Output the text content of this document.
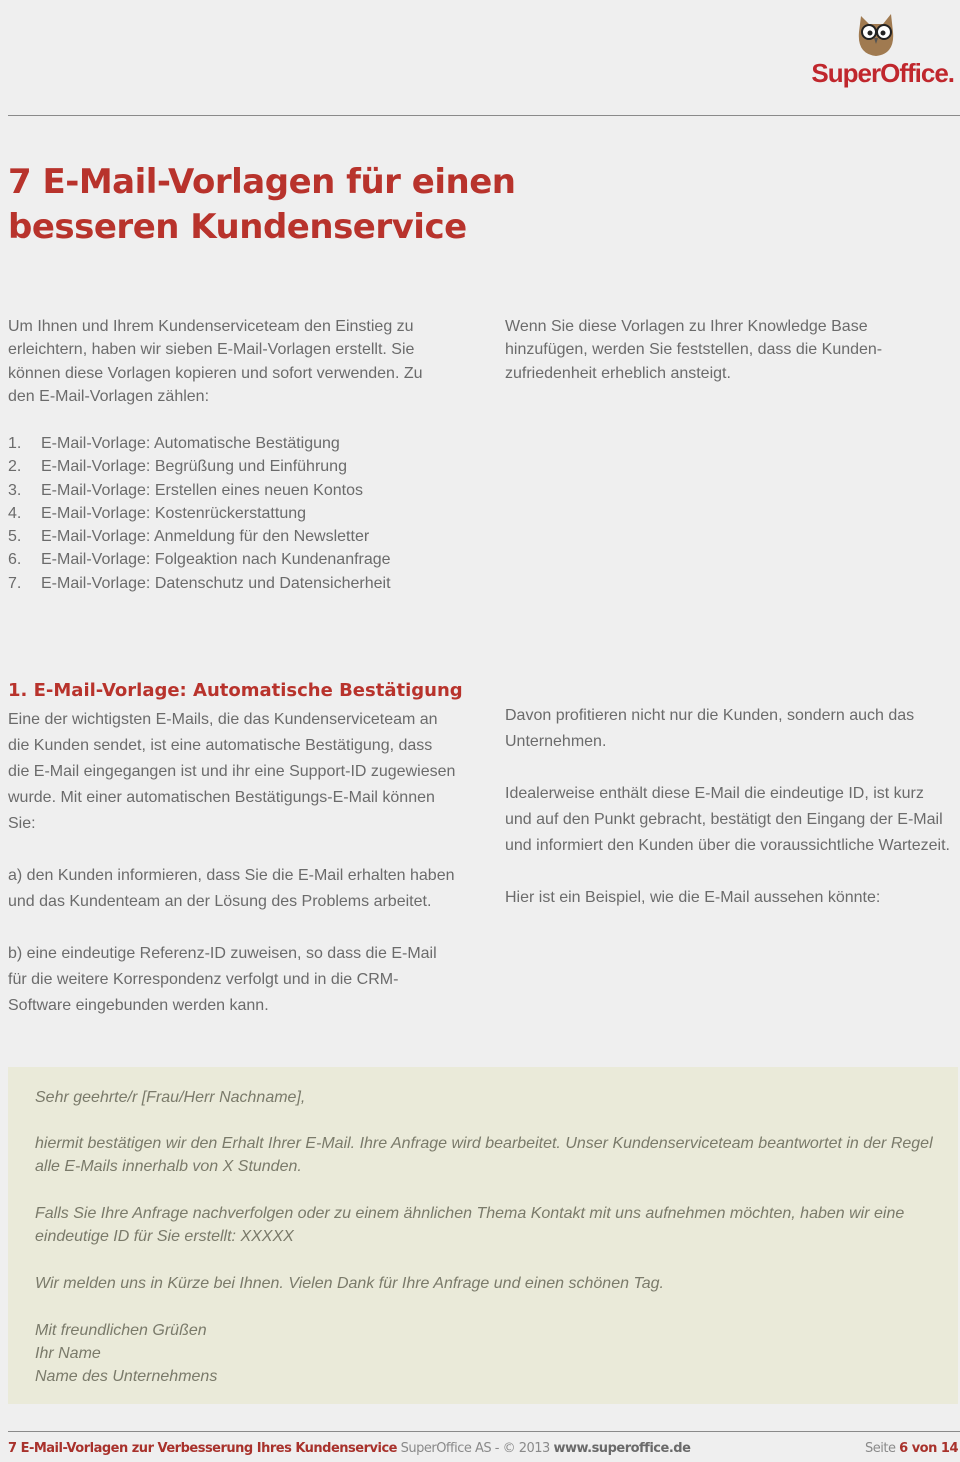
SuperOffice.
7 E-Mail-Vorlagen für einen
besseren Kundenservice
Um Ihnen und Ihrem Kundenserviceteam den Einstieg zu erleichtern, haben wir sieben E-Mail-Vorlagen erstellt. Sie können diese Vorlagen kopieren und sofort verwenden. Zu den E-Mail-Vorlagen zählen:
Wenn Sie diese Vorlagen zu Ihrer Knowledge Base hinzufügen, werden Sie feststellen, dass die Kunden-zufriedenheit erheblich ansteigt.
1. E-Mail-Vorlage: Automatische Bestätigung
2. E-Mail-Vorlage: Begrüßung und Einführung
3. E-Mail-Vorlage: Erstellen eines neuen Kontos
4. E-Mail-Vorlage: Kostenrückerstattung
5. E-Mail-Vorlage: Anmeldung für den Newsletter
6. E-Mail-Vorlage: Folgeaktion nach Kundenanfrage
7. E-Mail-Vorlage: Datenschutz und Datensicherheit
1. E-Mail-Vorlage: Automatische Bestätigung

Eine der wichtigsten E-Mails, die das Kundenserviceteam an die Kunden sendet, ist eine automatische Bestätigung, dass die E-Mail eingegangen ist und ihr eine Support-ID zugewiesen wurde. Mit einer automatischen Bestätigungs-E-Mail können Sie:

a) den Kunden informieren, dass Sie die E-Mail erhalten haben und das Kundenteam an der Lösung des Problems arbeitet.

b) eine eindeutige Referenz-ID zuweisen, so dass die E-Mail für die weitere Korrespondenz verfolgt und in die CRM-Software eingebunden werden kann.

Davon profitieren nicht nur die Kunden, sondern auch das Unternehmen.

Idealerweise enthält diese E-Mail die eindeutige ID, ist kurz und auf den Punkt gebracht, bestätigt den Eingang der E-Mail und informiert den Kunden über die voraussichtliche Wartezeit.

Hier ist ein Beispiel, wie die E-Mail aussehen könnte:

Sehr geehrte/r [Frau/Herr Nachname],

hiermit bestätigen wir den Erhalt Ihrer E-Mail. Ihre Anfrage wird bearbeitet. Unser Kundenserviceteam beantwortet in der Regel alle E-Mails innerhalb von X Stunden.

Falls Sie Ihre Anfrage nachverfolgen oder zu einem ähnlichen Thema Kontakt mit uns aufnehmen möchten, haben wir eine eindeutige ID für Sie erstellt: XXXXX

Wir melden uns in Kürze bei Ihnen. Vielen Dank für Ihre Anfrage und einen schönen Tag.

Mit freundlichen Grüßen

Ihr Name

Name des Unternehmens

7 E-Mail-Vorlagen zur Verbesserung Ihres Kundenservice SuperOffice AS - © 2013 www.superoffice.de	Seite 6 von 14
